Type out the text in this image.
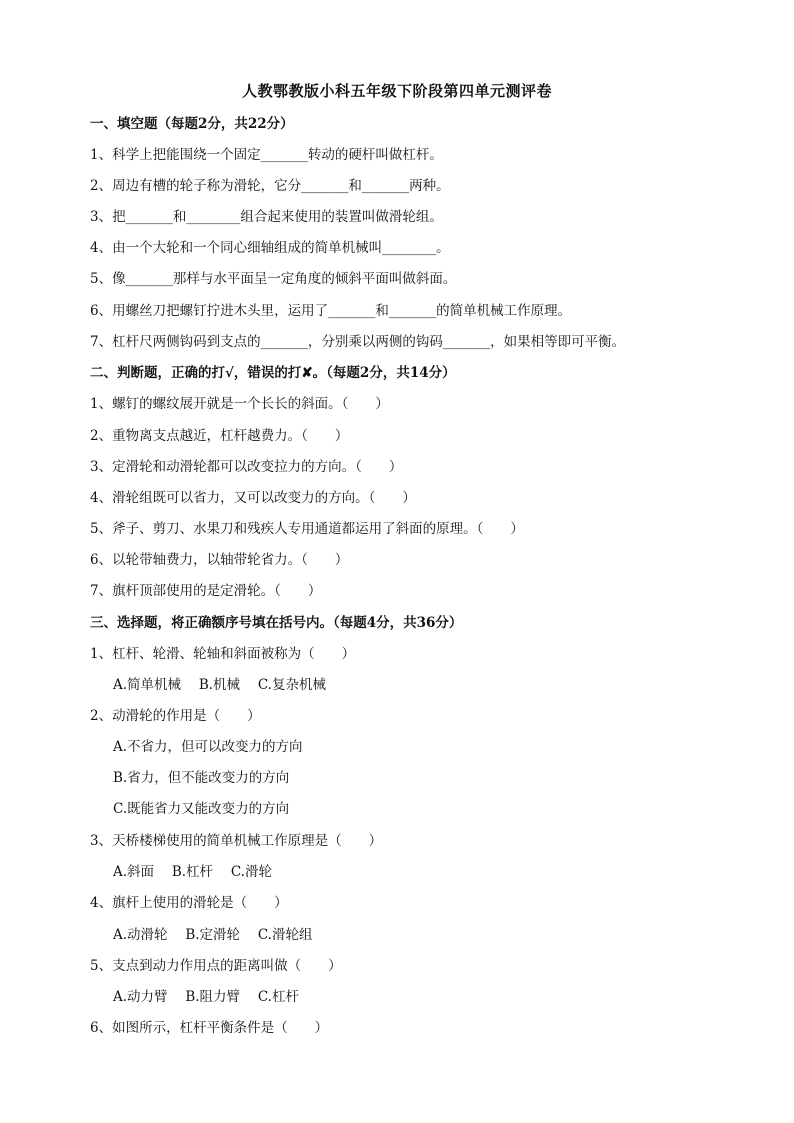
人教鄂教版小科五年级下阶段第四单元测评卷
一、填空题（每题2分，共22分）
1、科学上把能围绕一个固定_______转动的硬杆叫做杠杆。
2、周边有槽的轮子称为滑轮，它分_______和_______两种。
3、把_______和________组合起来使用的装置叫做滑轮组。
4、由一个大轮和一个同心细轴组成的简单机械叫________。
5、像_______那样与水平面呈一定角度的倾斜平面叫做斜面。
6、用螺丝刀把螺钉拧进木头里，运用了_______和_______的简单机械工作原理。
7、杠杆尺两侧钩码到支点的_______，分别乘以两侧的钩码_______，如果相等即可平衡。
二、判断题，正确的打√，错误的打✘。（每题2分，共14分）
1、螺钉的螺纹展开就是一个长长的斜面。（　　）
2、重物离支点越近，杠杆越费力。（　　）
3、定滑轮和动滑轮都可以改变拉力的方向。（　　）
4、滑轮组既可以省力，又可以改变力的方向。（　　）
5、斧子、剪刀、水果刀和残疾人专用通道都运用了斜面的原理。（　　）
6、以轮带轴费力，以轴带轮省力。（　　）
7、旗杆顶部使用的是定滑轮。（　　）
三、选择题，将正确额序号填在括号内。（每题4分，共36分）
1、杠杆、轮滑、轮轴和斜面被称为（　　）
A.简单机械　 B.机械　 C.复杂机械
2、动滑轮的作用是（　　）
A.不省力，但可以改变力的方向
B.省力，但不能改变力的方向
C.既能省力又能改变力的方向
3、天桥楼梯使用的简单机械工作原理是（　　）
A.斜面　 B.杠杆　 C.滑轮
4、旗杆上使用的滑轮是（　　）
A.动滑轮　 B.定滑轮　 C.滑轮组
5、支点到动力作用点的距离叫做（　　）
A.动力臂　 B.阻力臂　 C.杠杆
6、如图所示，杠杆平衡条件是（　　）
